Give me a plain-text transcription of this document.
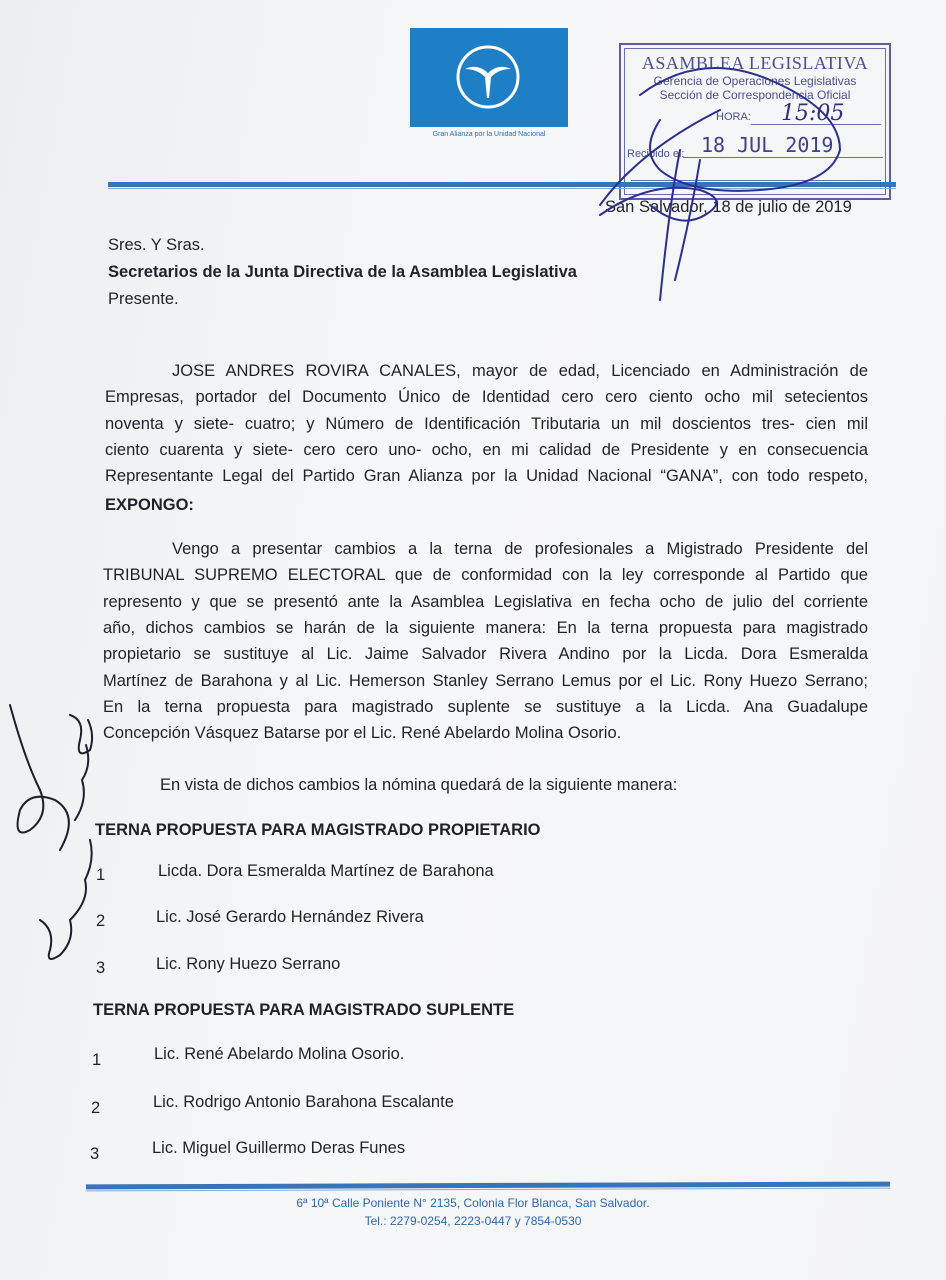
Gran Alianza por la Unidad Nacional
ASAMBLEA LEGISLATIVA
Gerencia de Operaciones Legislativas
Sección de Correspondencia Oficial
HORA: 15:05
Recibido el: 18 JUL 2019
San Salvador, 18 de julio de 2019
Sres. Y Sras.
Secretarios de la Junta Directiva de la Asamblea Legislativa
Presente.
JOSE ANDRES ROVIRA CANALES, mayor de edad, Licenciado en Administración de
Empresas, portador del Documento Único de Identidad cero cero ciento ocho mil setecientos
noventa y siete- cuatro; y Número de Identificación Tributaria un mil doscientos tres- cien mil
ciento cuarenta y siete- cero cero uno- ocho, en mi calidad de Presidente y en consecuencia
Representante Legal del Partido Gran Alianza por la Unidad Nacional “GANA”, con todo respeto,
EXPONGO:
Vengo a presentar cambios a la terna de profesionales a Migistrado Presidente del
TRIBUNAL SUPREMO ELECTORAL que de conformidad con la ley corresponde al Partido que
represento y que se presentó ante la Asamblea Legislativa en fecha ocho de julio del corriente
año, dichos cambios se harán de la siguiente manera: En la terna propuesta para magistrado
propietario se sustituye al Lic. Jaime Salvador Rivera Andino por la Licda. Dora Esmeralda
Martínez de Barahona y al Lic. Hemerson Stanley Serrano Lemus por el Lic. Rony Huezo Serrano;
En la terna propuesta para magistrado suplente se sustituye a la Licda. Ana Guadalupe
Concepción Vásquez Batarse por el Lic. René Abelardo Molina Osorio.
En vista de dichos cambios la nómina quedará de la siguiente manera:
TERNA PROPUESTA PARA MAGISTRADO PROPIETARIO
1	Licda. Dora Esmeralda Martínez de Barahona
2	Lic. José Gerardo Hernández Rivera
3	Lic. Rony Huezo Serrano
TERNA PROPUESTA PARA MAGISTRADO SUPLENTE
1	Lic. René Abelardo Molina Osorio.
2	Lic. Rodrigo Antonio Barahona Escalante
3	Lic. Miguel Guillermo Deras Funes
6ª 10ª Calle Poniente N° 2135, Colonia Flor Blanca, San Salvador.
Tel.: 2279-0254, 2223-0447 y 7854-0530
